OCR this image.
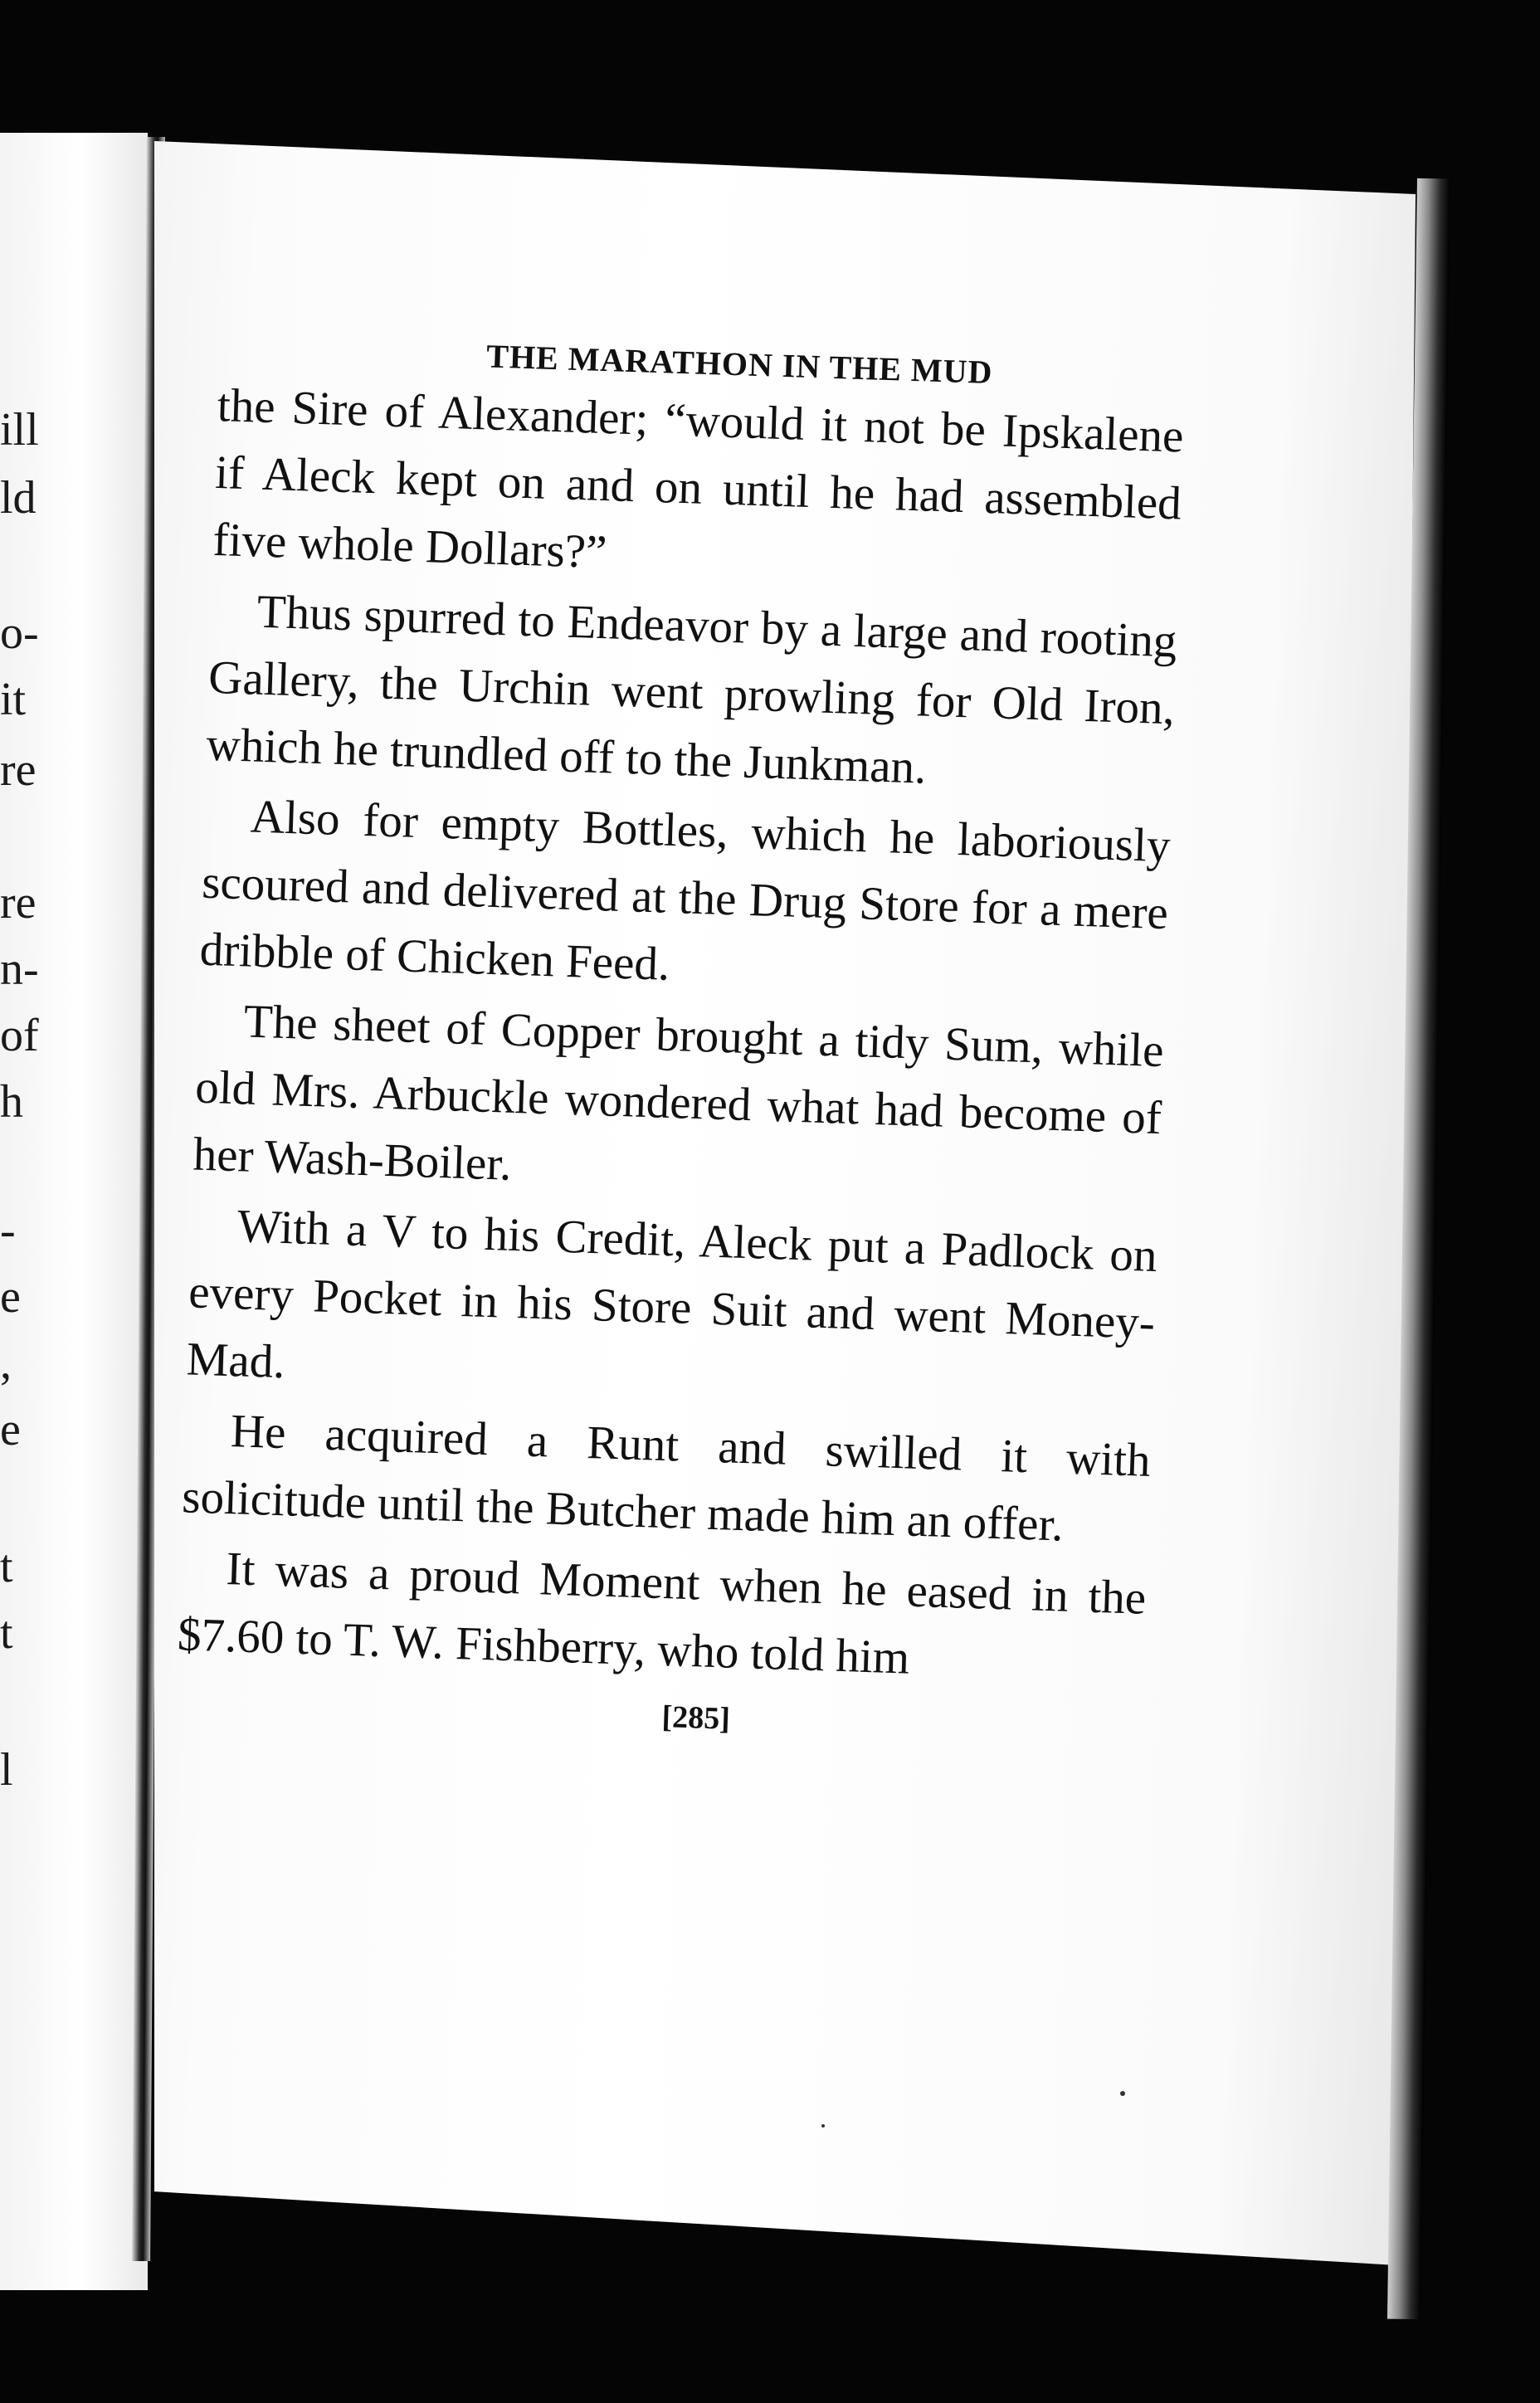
ill
ld
o-
it
re
re
n-
of
h
-
e
,
e
t
t
l
THE MARATHON IN THE MUD

the Sire of Alexander; “would it not be Ipskalene if Aleck kept on and on until he had assembled five whole Dollars?”

Thus spurred to Endeavor by a large and rooting Gallery, the Urchin went prowling for Old Iron, which he trundled off to the Junkman.

Also for empty Bottles, which he laboriously scoured and delivered at the Drug Store for a mere dribble of Chicken Feed.

The sheet of Copper brought a tidy Sum, while old Mrs. Arbuckle wondered what had become of her Wash-Boiler.

With a V to his Credit, Aleck put a Padlock on every Pocket in his Store Suit and went Money-Mad.

He acquired a Runt and swilled it with solicitude until the Butcher made him an offer.

It was a proud Moment when he eased in the $7.60 to T. W. Fishberry, who told him

[285]
